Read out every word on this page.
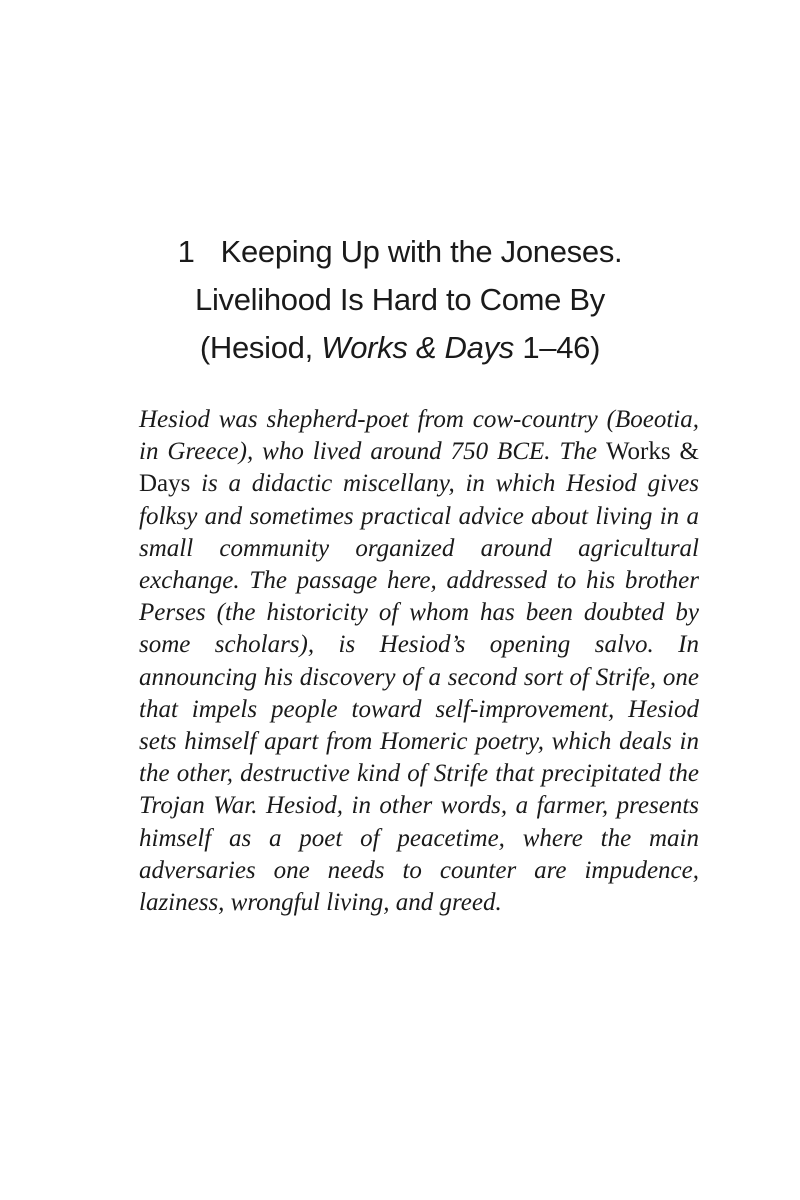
1 Keeping Up with the Joneses.
Livelihood Is Hard to Come By
(Hesiod, Works & Days 1–46)

Hesiod was shepherd-poet from cow-country (Boeotia, in Greece), who lived around 750 BCE. The Works & Days is a didactic miscellany, in which Hesiod gives folksy and sometimes practical advice about living in a small community organized around agricultural exchange. The passage here, addressed to his brother Perses (the historicity of whom has been doubted by some scholars), is Hesiod’s opening salvo. In announcing his discovery of a second sort of Strife, one that impels people toward self-improvement, Hesiod sets himself apart from Homeric poetry, which deals in the other, destructive kind of Strife that precipitated the Trojan War. Hesiod, in other words, a farmer, presents himself as a poet of peacetime, where the main adversaries one needs to counter are impudence, laziness, wrongful living, and greed.
